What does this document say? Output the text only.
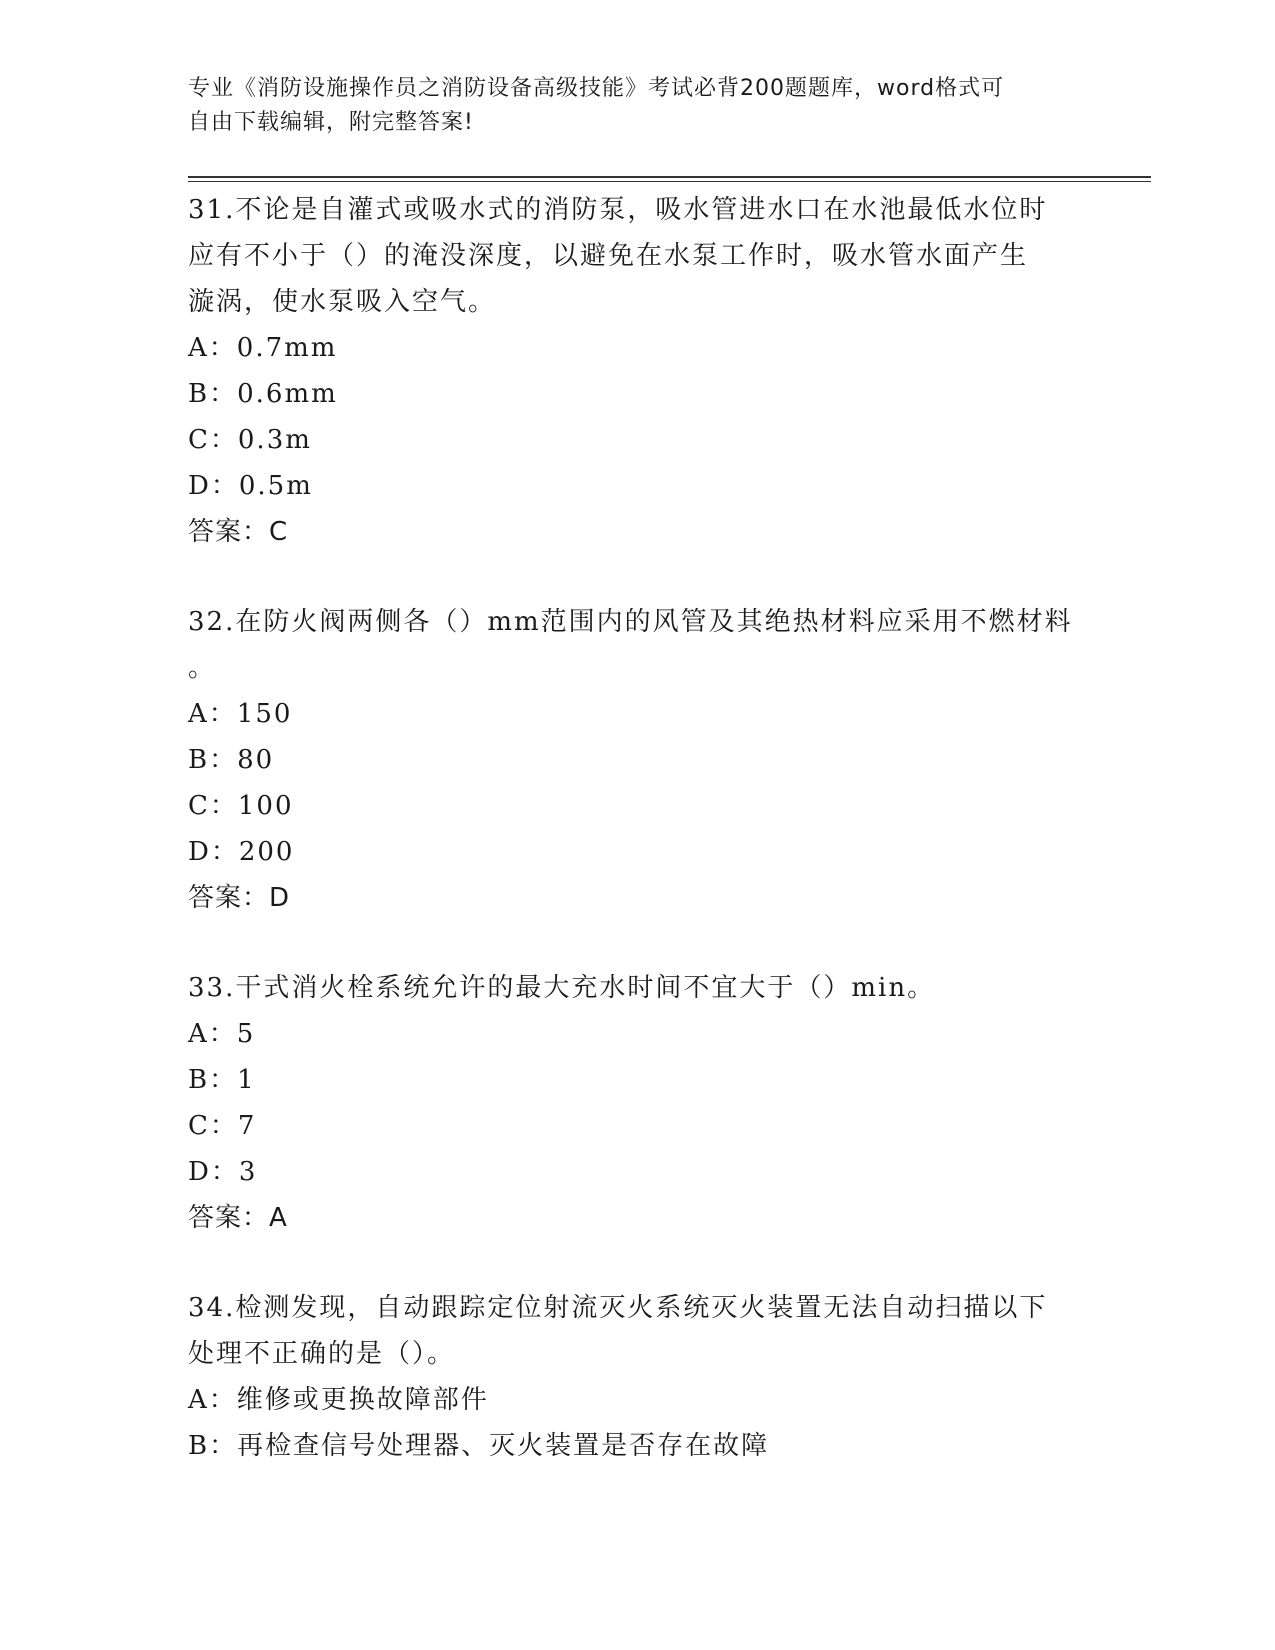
专业《消防设施操作员之消防设备高级技能》考试必背200题题库，word格式可
自由下载编辑，附完整答案!
31.不论是自灌式或吸水式的消防泵，吸水管进水口在水池最低水位时
应有不小于（）的淹没深度，以避免在水泵工作时，吸水管水面产生
漩涡，使水泵吸入空气。
A：0.7mm
B：0.6mm
C：0.3m
D：0.5m
答案：C
32.在防火阀两侧各（）mm范围内的风管及其绝热材料应采用不燃材料
。
A：150
B：80
C：100
D：200
答案：D
33.干式消火栓系统允许的最大充水时间不宜大于（）min。
A：5
B：1
C：7
D：3
答案：A
34.检测发现，自动跟踪定位射流灭火系统灭火装置无法自动扫描以下
处理不正确的是（）。
A：维修或更换故障部件
B：再检查信号处理器、灭火装置是否存在故障
